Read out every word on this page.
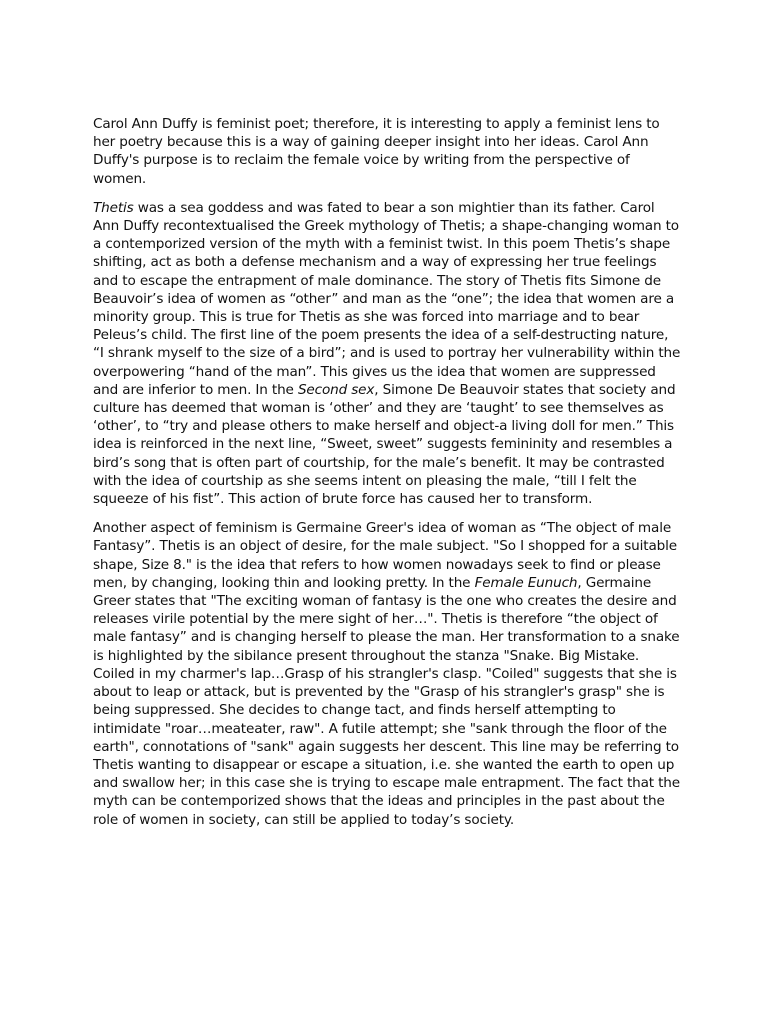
Carol Ann Duffy is feminist poet; therefore, it is interesting to apply a feminist lens to her poetry because this is a way of gaining deeper insight into her ideas. Carol Ann Duffy's purpose is to reclaim the female voice by writing from the perspective of women.

Thetis was a sea goddess and was fated to bear a son mightier than its father. Carol Ann Duffy recontextualised the Greek mythology of Thetis; a shape-changing woman to a contemporized version of the myth with a feminist twist. In this poem Thetis’s shape shifting, act as both a defense mechanism and a way of expressing her true feelings and to escape the entrapment of male dominance. The story of Thetis fits Simone de Beauvoir’s idea of women as “other” and man as the “one”; the idea that women are a minority group. This is true for Thetis as she was forced into marriage and to bear Peleus’s child. The first line of the poem presents the idea of a self-destructing nature, “I shrank myself to the size of a bird”; and is used to portray her vulnerability within the overpowering “hand of the man”. This gives us the idea that women are suppressed and are inferior to men. In the Second sex, Simone De Beauvoir states that society and culture has deemed that woman is ‘other’ and they are ‘taught’ to see themselves as ‘other’, to “try and please others to make herself and object-a living doll for men.” This idea is reinforced in the next line, “Sweet, sweet” suggests femininity and resembles a bird’s song that is often part of courtship, for the male’s benefit. It may be contrasted with the idea of courtship as she seems intent on pleasing the male, “till I felt the squeeze of his fist”. This action of brute force has caused her to transform.

Another aspect of feminism is Germaine Greer's idea of woman as “The object of male Fantasy”. Thetis is an object of desire, for the male subject. "So I shopped for a suitable shape, Size 8." is the idea that refers to how women nowadays seek to find or please men, by changing, looking thin and looking pretty. In the Female Eunuch, Germaine Greer states that "The exciting woman of fantasy is the one who creates the desire and releases virile potential by the mere sight of her…". Thetis is therefore “the object of male fantasy” and is changing herself to please the man. Her transformation to a snake is highlighted by the sibilance present throughout the stanza "Snake. Big Mistake. Coiled in my charmer's lap…Grasp of his strangler's clasp. "Coiled" suggests that she is about to leap or attack, but is prevented by the "Grasp of his strangler's grasp" she is being suppressed. She decides to change tact, and finds herself attempting to intimidate "roar…meateater, raw". A futile attempt; she "sank through the floor of the earth", connotations of "sank" again suggests her descent. This line may be referring to Thetis wanting to disappear or escape a situation, i.e. she wanted the earth to open up and swallow her; in this case she is trying to escape male entrapment. The fact that the myth can be contemporized shows that the ideas and principles in the past about the role of women in society, can still be applied to today’s society.
